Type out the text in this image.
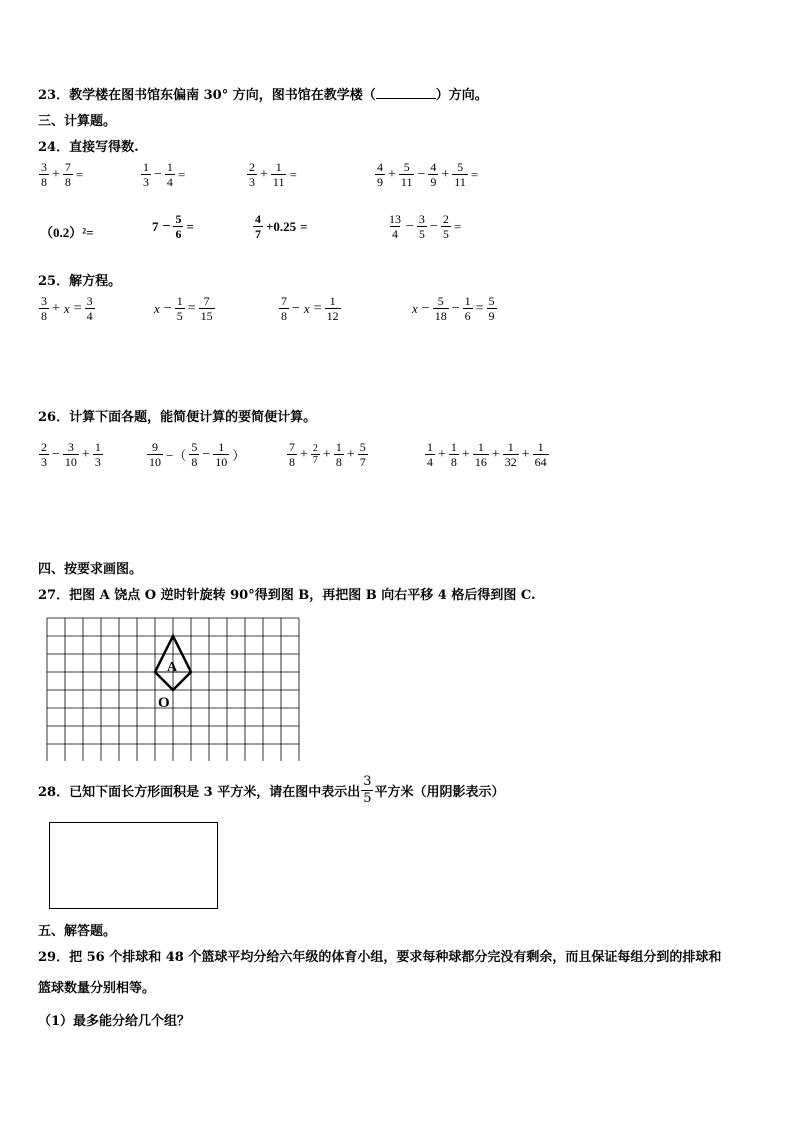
23．教学楼在图书馆东偏南 30° 方向，图书馆在教学楼（	）方向。
三、计算题。
24．直接写得数.
$\frac{3}{8} + \frac{7}{8}$ =	$\frac{1}{3} - \frac{1}{4}$ =	$\frac{2}{3} + \frac{1}{11}$ =	$\frac{4}{9} + \frac{5}{11} - \frac{4}{9} + \frac{5}{11}$ =
（0.2）²=	$7 - \frac{5}{6}$ =	$\frac{4}{7} +0.25$ =	$\frac{13}{4} - \frac{3}{5} - \frac{2}{5}$ =
25．解方程。
$\frac{3}{8} + x = \frac{3}{4}$	$x - \frac{1}{5} = \frac{7}{15}$	$\frac{7}{8} - x = \frac{1}{12}$	$x - \frac{5}{18} - \frac{1}{6} = \frac{5}{9}$
26．计算下面各题，能简便计算的要简便计算。
$\frac{2}{3} - \frac{3}{10} + \frac{1}{3}$	$\frac{9}{10}$ −（ $\frac{5}{8} - \frac{1}{10}$ ）	$\frac{7}{8} + \frac{2}{7} + \frac{1}{8} + \frac{5}{7}$	$\frac{1}{4} + \frac{1}{8} + \frac{1}{16} + \frac{1}{32} + \frac{1}{64}$
四、按要求画图。
27．把图 A 饶点 O 逆时针旋转 90°得到图 B，再把图 B 向右平移 4 格后得到图 C.
A
O
28．已知下面长方形面积是 3 平方米，请在图中表示出 $\frac{3}{5}$ 平方米（用阴影表示）
五、解答题。
29．把 56 个排球和 48 个篮球平均分给六年级的体育小组，要求每种球都分完没有剩余，而且保证每组分到的排球和
篮球数量分别相等。
（1）最多能分给几个组？
